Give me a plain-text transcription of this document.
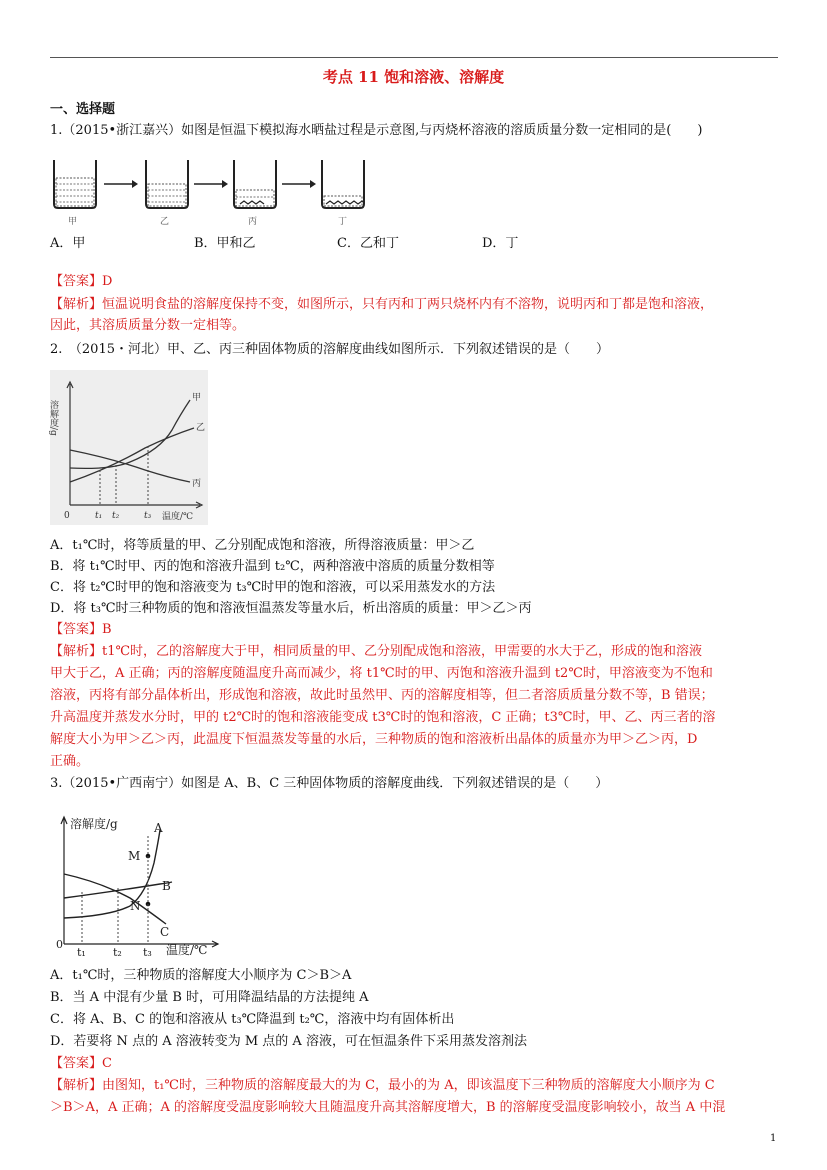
考点 11 饱和溶液、溶解度
一、选择题
1.（2015•浙江嘉兴）如图是恒温下模拟海水晒盐过程是示意图,与丙烧杯溶液的溶质质量分数一定相同的是(　　)
甲	乙	丙	丁
A．甲	B．甲和乙	C．乙和丁	D．丁
【答案】D
【解析】恒温说明食盐的溶解度保持不变，如图所示，只有丙和丁两只烧杯内有不溶物，说明丙和丁都是饱和溶液，
因此，其溶质质量分数一定相等。
2.　（2015・河北）甲、乙、丙三种固体物质的溶解度曲线如图所示．下列叙述错误的是（　　）
溶解度/g
温度/℃
0
甲
乙
丙
t₁ t₂	t₃
A．t₁℃时，将等质量的甲、乙分别配成饱和溶液，所得溶液质量：甲＞乙
B．将 t₁℃时甲、丙的饱和溶液升温到 t₂℃，两种溶液中溶质的质量分数相等
C．将 t₂℃时甲的饱和溶液变为 t₃℃时甲的饱和溶液，可以采用蒸发水的方法
D．将 t₃℃时三种物质的饱和溶液恒温蒸发等量水后，析出溶质的质量：甲＞乙＞丙
【答案】B
【解析】t1℃时，乙的溶解度大于甲，相同质量的甲、乙分别配成饱和溶液，甲需要的水大于乙，形成的饱和溶液
甲大于乙，A 正确；丙的溶解度随温度升高而减少，将 t1℃时的甲、丙饱和溶液升温到 t2℃时，甲溶液变为不饱和
溶液，丙将有部分晶体析出，形成饱和溶液，故此时虽然甲、丙的溶解度相等，但二者溶质质量分数不等，B 错误；
升高温度并蒸发水分时，甲的 t2℃时的饱和溶液能变成 t3℃时的饱和溶液，C 正确；t3℃时，甲、乙、丙三者的溶
解度大小为甲＞乙＞丙，此温度下恒温蒸发等量的水后，三种物质的饱和溶液析出晶体的质量亦为甲＞乙＞丙，D
正确。
3.（2015•广西南宁）如图是 A、B、C 三种固体物质的溶解度曲线．下列叙述错误的是（　　）
溶解度/g
温度/℃
0
A
B
C
M
N
t₁ t₂ t₃
A．t₁℃时，三种物质的溶解度大小顺序为 C＞B＞A
B．当 A 中混有少量 B 时，可用降温结晶的方法提纯 A
C．将 A、B、C 的饱和溶液从 t₃℃降温到 t₂℃，溶液中均有固体析出
D．若要将 N 点的 A 溶液转变为 M 点的 A 溶液，可在恒温条件下采用蒸发溶剂法
【答案】C
【解析】由图知，t₁℃时，三种物质的溶解度最大的为 C，最小的为 A，即该温度下三种物质的溶解度大小顺序为 C
＞B＞A，A 正确；A 的溶解度受温度影响较大且随温度升高其溶解度增大，B 的溶解度受温度影响较小，故当 A 中混
1
